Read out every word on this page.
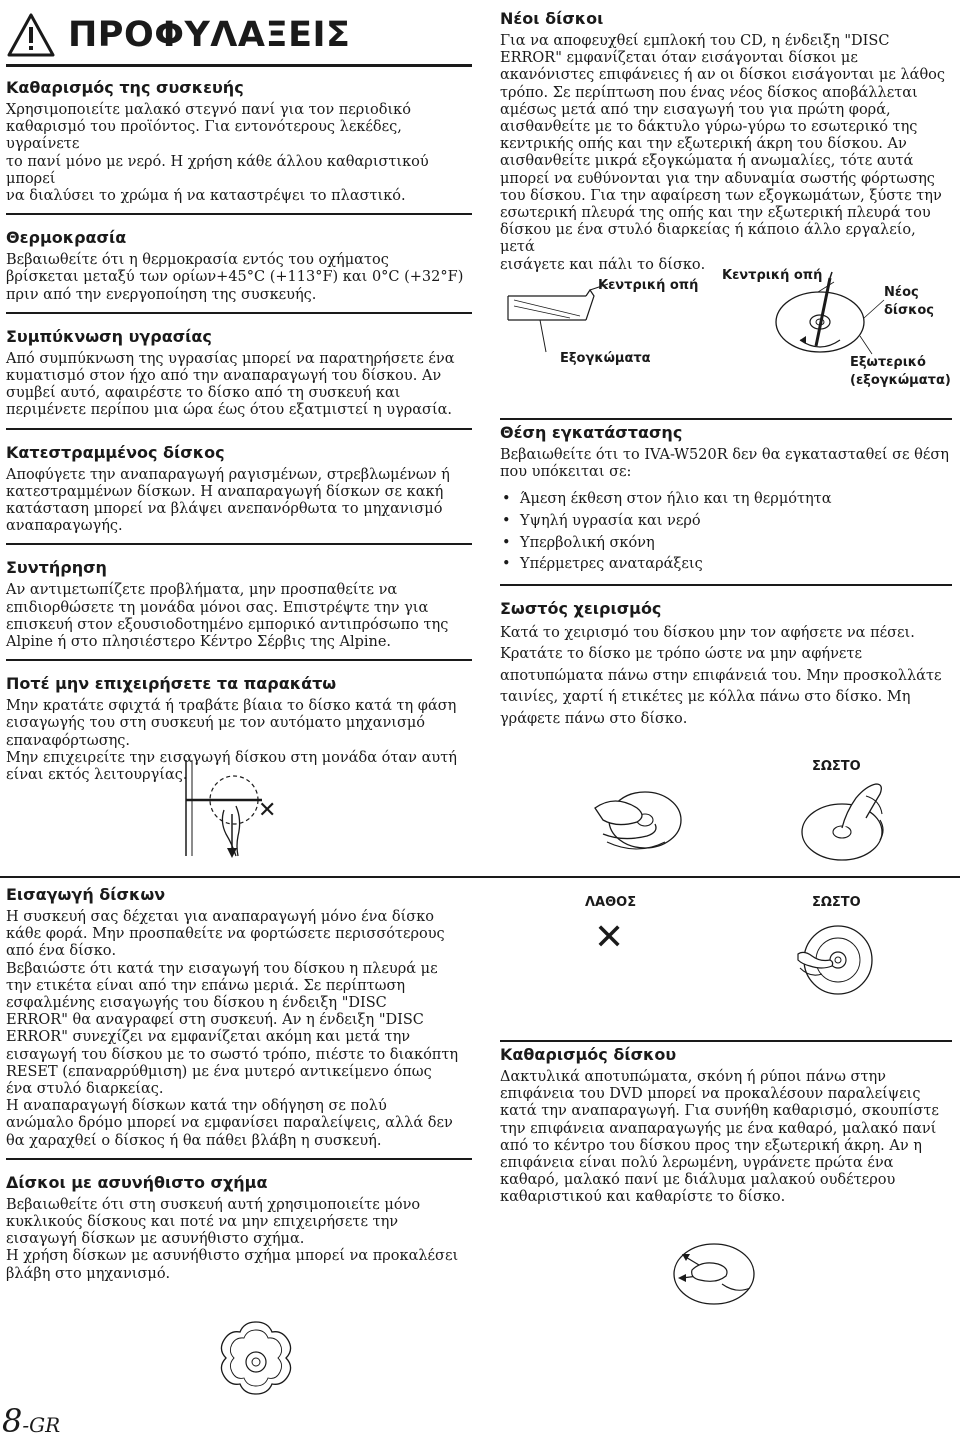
ΠΡΟΦΥΛΑΞΕΙΣ
Καθαρισμός της συσκευής

Χρησιμοποιείτε μαλακό στεγνό πανί για τον περιοδικό
καθαρισμό του προϊόντος. Για εντονότερους λεκέδες, υγραίνετε
το πανί μόνο με νερό. Η χρήση κάθε άλλου καθαριστικού μπορεί
να διαλύσει το χρώμα ή να καταστρέψει το πλαστικό.

Θερμοκρασία

Βεβαιωθείτε ότι η θερμοκρασία εντός του οχήματος
βρίσκεται μεταξύ των ορίων+45°C (+113°F) και 0°C (+32°F)
πριν από την ενεργοποίηση της συσκευής.

Συμπύκνωση υγρασίας

Από συμπύκνωση της υγρασίας μπορεί να παρατηρήσετε ένα
κυματισμό στον ήχο από την αναπαραγωγή του δίσκου. Αν
συμβεί αυτό, αφαιρέστε το δίσκο από τη συσκευή και
περιμένετε περίπου μια ώρα έως ότου εξατμιστεί η υγρασία.

Κατεστραμμένος δίσκος

Αποφύγετε την αναπαραγωγή ραγισμένων, στρεβλωμένων ή
κατεστραμμένων δίσκων. Η αναπαραγωγή δίσκων σε κακή
κατάσταση μπορεί να βλάψει ανεπανόρθωτα το μηχανισμό
αναπαραγωγής.

Συντήρηση

Αν αντιμετωπίζετε προβλήματα, μην προσπαθείτε να
επιδιορθώσετε τη μονάδα μόνοι σας. Επιστρέψτε την για
επισκευή στον εξουσιοδοτημένο εμπορικό αντιπρόσωπο της
Alpine ή στο πλησιέστερο Κέντρο Σέρβις της Alpine.

Ποτέ μην επιχειρήσετε τα παρακάτω

Μην κρατάτε σφιχτά ή τραβάτε βίαια το δίσκο κατά τη φάση
εισαγωγής του στη συσκευή με τον αυτόματο μηχανισμό
επαναφόρτωσης.
Μην επιχειρείτε την εισαγωγή δίσκου στη μονάδα όταν αυτή
είναι εκτός λειτουργίας.

✕
Νέοι δίσκοι

Για να αποφευχθεί εμπλοκή του CD, η ένδειξη "DISC
ERROR" εμφανίζεται όταν εισάγονται δίσκοι με
ακανόνιστες επιφάνειες ή αν οι δίσκοι εισάγονται με λάθος
τρόπο. Σε περίπτωση που ένας νέος δίσκος αποβάλλεται
αμέσως μετά από την εισαγωγή του για πρώτη φορά,
αισθανθείτε με το δάκτυλο γύρω-γύρω το εσωτερικό της
κεντρικής οπής και την εξωτερική άκρη του δίσκου. Αν
αισθανθείτε μικρά εξογκώματα ή ανωμαλίες, τότε αυτά
μπορεί να ευθύνονται για την αδυναμία σωστής φόρτωσης
του δίσκου. Για την αφαίρεση των εξογκωμάτων, ξύστε την
εσωτερική πλευρά της οπής και την εξωτερική πλευρά του
δίσκου με ένα στυλό διαρκείας ή κάποιο άλλο εργαλείο, μετά
εισάγετε και πάλι το δίσκο.

Κεντρική οπή
Κεντρική οπή
Νέος
δίσκος
Εξογκώματα	Εξωτερικό
(εξογκώματα)
Θέση εγκατάστασης

Βεβαιωθείτε ότι το IVA-W520R δεν θα εγκατασταθεί σε θέση
που υπόκειται σε:

• Άμεση έκθεση στον ήλιο και τη θερμότητα
• Υψηλή υγρασία και νερό
• Υπερβολική σκόνη
• Υπέρμετρες αναταράξεις
Σωστός χειρισμός

Κατά το χειρισμό του δίσκου μην τον αφήσετε να πέσει.
Κρατάτε το δίσκο με τρόπο ώστε να μην αφήνετε
αποτυπώματα πάνω στην επιφάνειά του. Μην προσκολλάτε
ταινίες, χαρτί ή ετικέτες με κόλλα πάνω στο δίσκο. Μη
γράφετε πάνω στο δίσκο.

ΣΩΣΤΟ
Εισαγωγή δίσκων

Η συσκευή σας δέχεται για αναπαραγωγή μόνο ένα δίσκο
κάθε φορά. Μην προσπαθείτε να φορτώσετε περισσότερους
από ένα δίσκο.
Βεβαιώστε ότι κατά την εισαγωγή του δίσκου η πλευρά με
την ετικέτα είναι από την επάνω μεριά. Σε περίπτωση
εσφαλμένης εισαγωγής του δίσκου η ένδειξη "DISC
ERROR" θα αναγραφεί στη συσκευή. Αν η ένδειξη "DISC
ERROR" συνεχίζει να εμφανίζεται ακόμη και μετά την
εισαγωγή του δίσκου με το σωστό τρόπο, πιέστε το διακόπτη
RESET (επαναρρύθμιση) με ένα μυτερό αντικείμενο όπως
ένα στυλό διαρκείας.
Η αναπαραγωγή δίσκων κατά την οδήγηση σε πολύ
ανώμαλο δρόμο μπορεί να εμφανίσει παραλείψεις, αλλά δεν
θα χαραχθεί ο δίσκος ή θα πάθει βλάβη η συσκευή.

Δίσκοι με ασυνήθιστο σχήμα

Βεβαιωθείτε ότι στη συσκευή αυτή χρησιμοποιείτε μόνο
κυκλικούς δίσκους και ποτέ να μην επιχειρήσετε την
εισαγωγή δίσκων με ασυνήθιστο σχήμα.
Η χρήση δίσκων με ασυνήθιστο σχήμα μπορεί να προκαλέσει
βλάβη στο μηχανισμό.

ΛΑΘΟΣ	ΣΩΣΤΟ
✕
Καθαρισμός δίσκου

Δακτυλικά αποτυπώματα, σκόνη ή ρύποι πάνω στην
επιφάνεια του DVD μπορεί να προκαλέσουν παραλείψεις
κατά την αναπαραγωγή. Για συνήθη καθαρισμό, σκουπίστε
την επιφάνεια αναπαραγωγής με ένα καθαρό, μαλακό πανί
από το κέντρο του δίσκου προς την εξωτερική άκρη. Αν η
επιφάνεια είναι πολύ λερωμένη, υγράνετε πρώτα ένα
καθαρό, μαλακό πανί με διάλυμα μαλακού ουδέτερου
καθαριστικού και καθαρίστε το δίσκο.

8-GR
